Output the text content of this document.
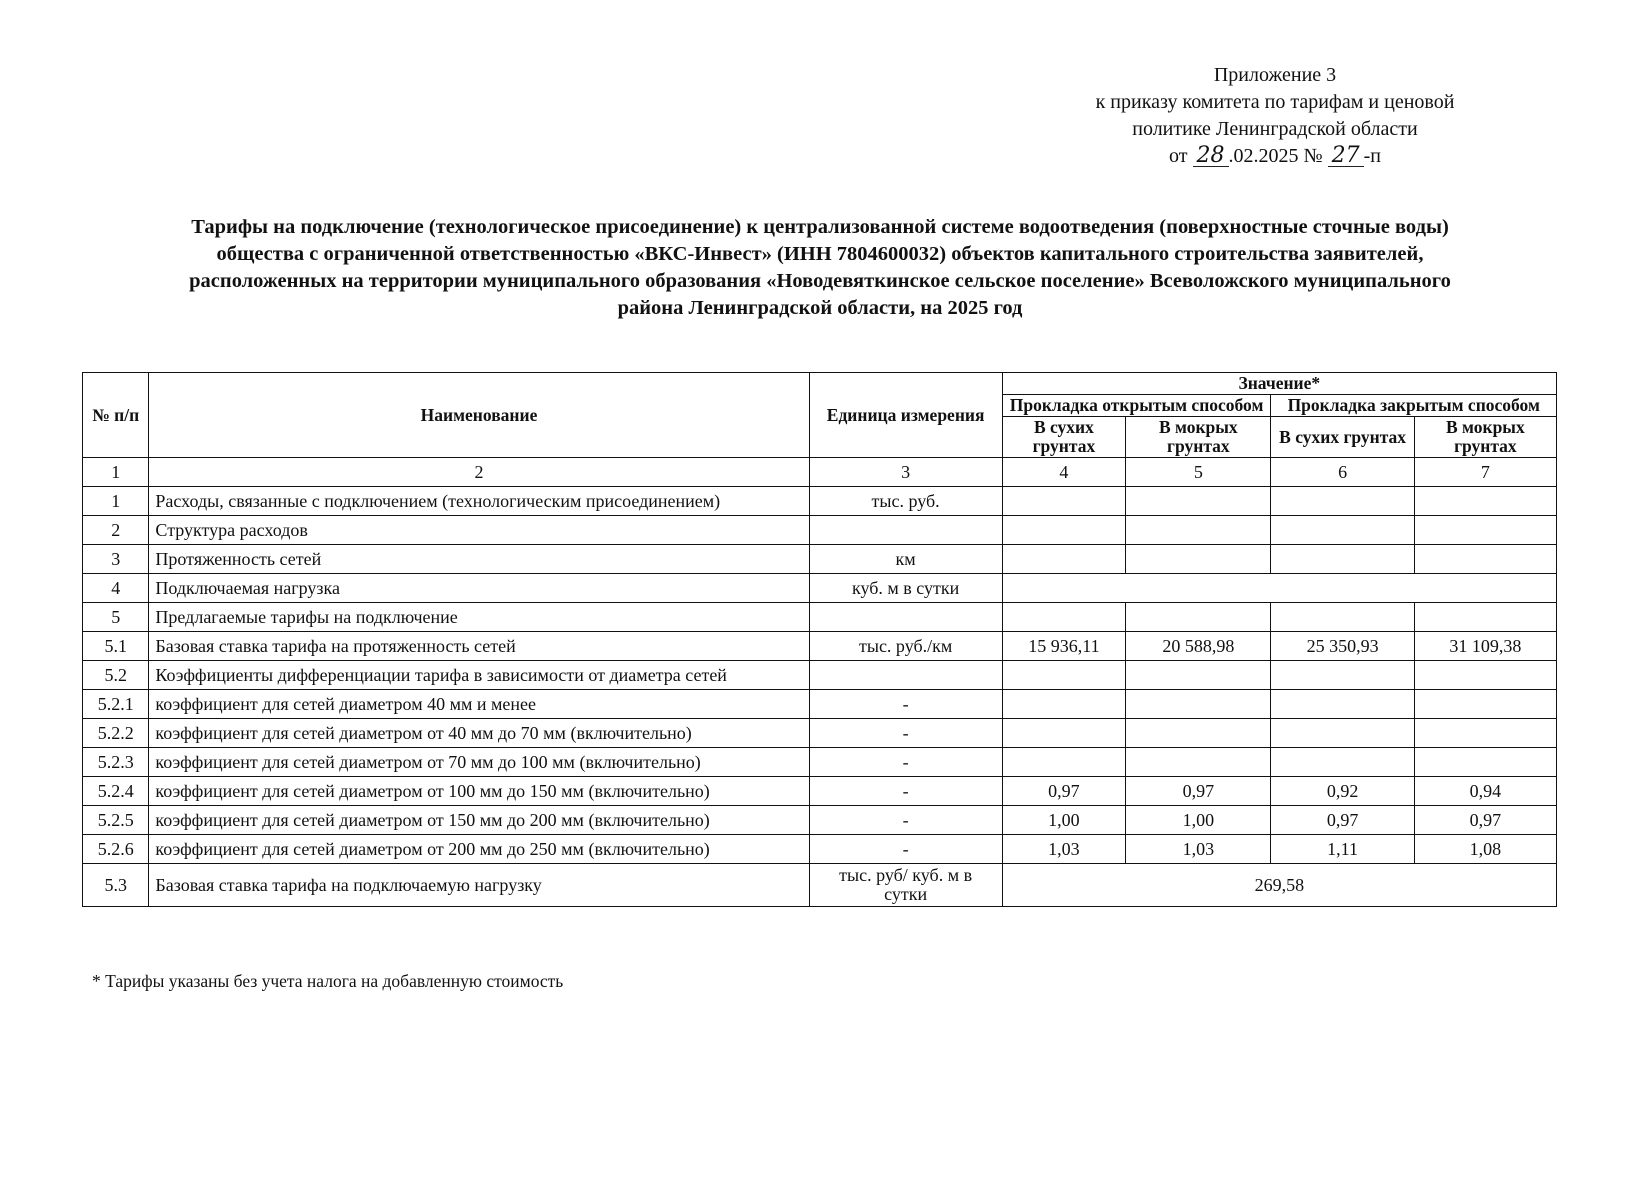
Приложение 3
к приказу комитета по тарифам и ценовой
политике Ленинградской области
от 28 .02.2025 № 27 -п
Тарифы на подключение (технологическое присоединение) к централизованной системе водоотведения (поверхностные сточные воды)
общества с ограниченной ответственностью «ВКС-Инвест» (ИНН 7804600032) объектов капитального строительства заявителей,
расположенных на территории муниципального образования «Новодевяткинское сельское поселение» Всеволожского муниципального
района Ленинградской области, на 2025 год
№ п/п	Наименование	Единица измерения	Значение*			
			Прокладка открытым способом		Прокладка закрытым способом	
			В сухих грунтах	В мокрых грунтах	В сухих грунтах	В мокрых грунтах
1	2	3	4	5	6	7
1	Расходы, связанные с подключением (технологическим присоединением)	тыс. руб.				
2	Структура расходов					
3	Протяженность сетей	км				
4	Подключаемая нагрузка	куб. м в сутки				
5	Предлагаемые тарифы на подключение					
5.1	Базовая ставка тарифа на протяженность сетей	тыс. руб./км	15 936,11	20 588,98	25 350,93	31 109,38
5.2	Коэффициенты дифференциации тарифа в зависимости от диаметра сетей					
5.2.1	коэффициент для сетей диаметром 40 мм и менее	-				
5.2.2	коэффициент для сетей диаметром от 40 мм до 70 мм (включительно)	-				
5.2.3	коэффициент для сетей диаметром от 70 мм до 100 мм (включительно)	-				
5.2.4	коэффициент для сетей диаметром от 100 мм до 150 мм (включительно)	-	0,97	0,97	0,92	0,94
5.2.5	коэффициент для сетей диаметром от 150 мм до 200 мм (включительно)	-	1,00	1,00	0,97	0,97
5.2.6	коэффициент для сетей диаметром от 200 мм до 250 мм (включительно)	-	1,03	1,03	1,11	1,08
5.3	Базовая ставка тарифа на подключаемую нагрузку	тыс. руб/ куб. м в сутки	269,58			
* Тарифы указаны без учета налога на добавленную стоимость
